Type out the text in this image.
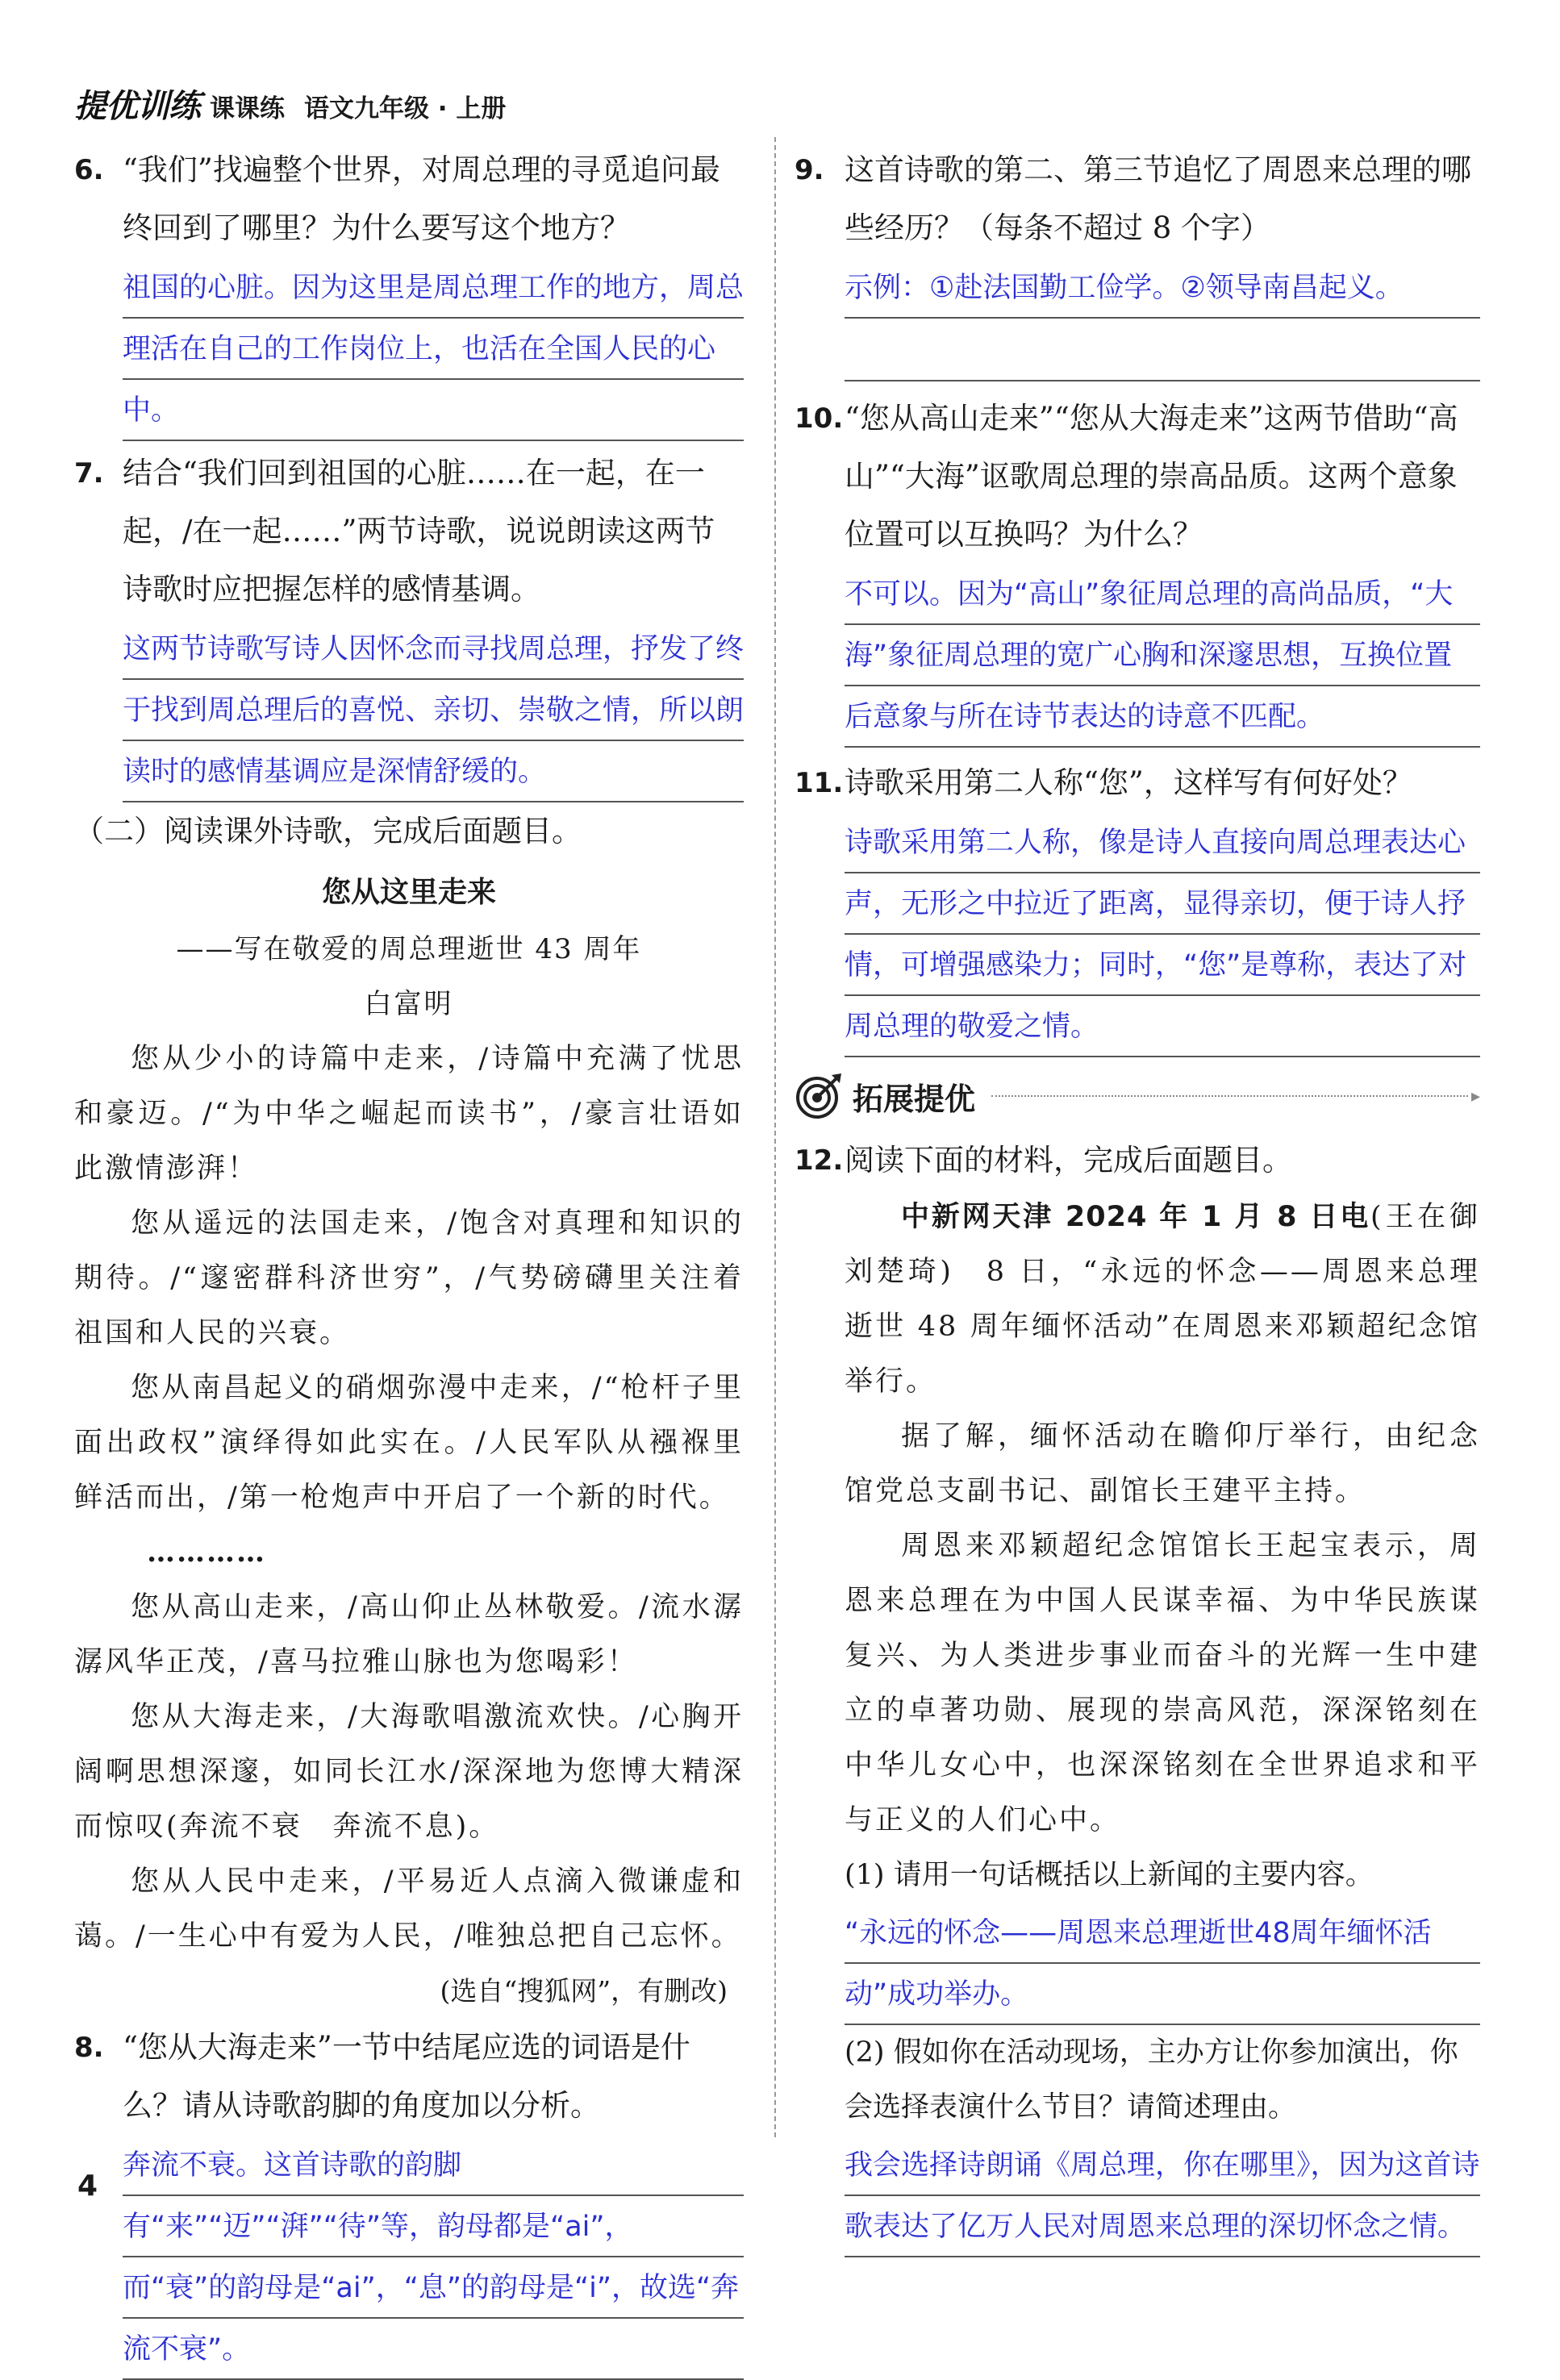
提优训练 课课练 语文九年级 · 上册
6. “我们”找遍整个世界，对周总理的寻觅追问最终回到了哪里？为什么要写这个地方？
祖国的心脏。因为这里是周总理工作的地方，周总理活在自己的工作岗位上，也活在全国人民的心中。
7. 结合“我们回到祖国的心脏……在一起，在一起，/在一起……”两节诗歌，说说朗读这两节诗歌时应把握怎样的感情基调。
这两节诗歌写诗人因怀念而寻找周总理，抒发了终于找到周总理后的喜悦、亲切、崇敬之情，所以朗读时的感情基调应是深情舒缓的。
（二）阅读课外诗歌，完成后面题目。
您从这里走来
——写在敬爱的周总理逝世 43 周年
白富明
您从少小的诗篇中走来，/诗篇中充满了忧思和豪迈。/“为中华之崛起而读书”，/豪言壮语如此激情澎湃！
您从遥远的法国走来，/饱含对真理和知识的期待。/“邃密群科济世穷”，/气势磅礴里关注着祖国和人民的兴衰。
您从南昌起义的硝烟弥漫中走来，/“枪杆子里面出政权”演绎得如此实在。/人民军队从襁褓里鲜活而出，/第一枪炮声中开启了一个新的时代。
…………
您从高山走来，/高山仰止丛林敬爱。/流水潺潺风华正茂，/喜马拉雅山脉也为您喝彩！
您从大海走来，/大海歌唱激流欢快。/心胸开阔啊思想深邃，如同长江水/深深地为您博大精深而惊叹(奔流不衰　奔流不息)。
您从人民中走来，/平易近人点滴入微谦虚和蔼。/一生心中有爱为人民，/唯独总把自己忘怀。
(选自“搜狐网”，有删改)
8. “您从大海走来”一节中结尾应选的词语是什么？请从诗歌韵脚的角度加以分析。
奔流不衰。这首诗歌的韵脚有“来”“迈”“湃”“待”等，韵母都是“ai”，而“衰”的韵母是“ai”，“息”的韵母是“i”，故选“奔流不衰”。
9. 这首诗歌的第二、第三节追忆了周恩来总理的哪些经历？（每条不超过 8 个字）
示例：①赴法国勤工俭学。②领导南昌起义。
10. “您从高山走来”“您从大海走来”这两节借助“高山”“大海”讴歌周总理的崇高品质。这两个意象位置可以互换吗？为什么？
不可以。因为“高山”象征周总理的高尚品质，“大海”象征周总理的宽广心胸和深邃思想，互换位置后意象与所在诗节表达的诗意不匹配。
11. 诗歌采用第二人称“您”，这样写有何好处？
诗歌采用第二人称，像是诗人直接向周总理表达心声，无形之中拉近了距离，显得亲切，便于诗人抒情，可增强感染力；同时，“您”是尊称，表达了对周总理的敬爱之情。
拓展提优	▸
12. 阅读下面的材料，完成后面题目。
中新网天津 2024 年 1 月 8 日电(王在御 刘楚琦)　8 日，“永远的怀念——周恩来总理逝世 48 周年缅怀活动”在周恩来邓颖超纪念馆举行。
据了解，缅怀活动在瞻仰厅举行，由纪念馆党总支副书记、副馆长王建平主持。
周恩来邓颖超纪念馆馆长王起宝表示，周恩来总理在为中国人民谋幸福、为中华民族谋复兴、为人类进步事业而奋斗的光辉一生中建立的卓著功勋、展现的崇高风范，深深铭刻在中华儿女心中，也深深铭刻在全世界追求和平与正义的人们心中。
(1) 请用一句话概括以上新闻的主要内容。
“永远的怀念——周恩来总理逝世48周年缅怀活动”成功举办。
(2) 假如你在活动现场，主办方让你参加演出，你会选择表演什么节目？请简述理由。
我会选择诗朗诵《周总理，你在哪里》，因为这首诗歌表达了亿万人民对周恩来总理的深切怀念之情。
4
